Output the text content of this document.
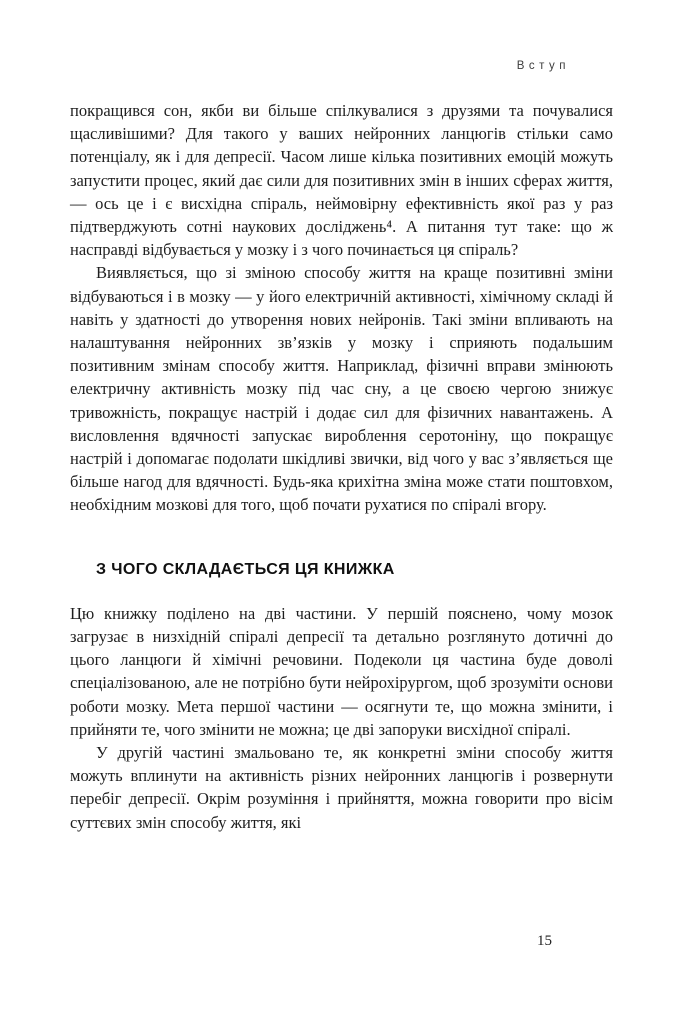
Вступ

покращився сон, якби ви більше спілкувалися з друзями та почувалися щасливішими? Для такого у ваших нейронних ланцюгів стільки само потенціалу, як і для депресії. Часом лише кілька позитивних емоцій можуть запустити процес, який дає сили для позитивних змін в інших сферах життя, — ось це і є висхідна спіраль, неймовірну ефективність якої раз у раз підтверджують сотні наукових досліджень⁴. А питання тут таке: що ж насправді відбувається у мозку і з чого починається ця спіраль?

Виявляється, що зі зміною способу життя на краще позитивні зміни відбуваються і в мозку — у його електричній активності, хімічному складі й навіть у здатності до утворення нових нейронів. Такі зміни впливають на налаштування нейронних зв’язків у мозку і сприяють подальшим позитивним змінам способу життя. Наприклад, фізичні вправи змінюють електричну активність мозку під час сну, а це своєю чергою знижує тривожність, покращує настрій і додає сил для фізичних навантажень. А висловлення вдячності запускає вироблення серотоніну, що покращує настрій і допомагає подолати шкідливі звички, від чого у вас з’являється ще більше нагод для вдячності. Будь-яка крихітна зміна може стати поштовхом, необхідним мозкові для того, щоб почати рухатися по спіралі вгору.

З ЧОГО СКЛАДАЄТЬСЯ ЦЯ КНИЖКА

Цю книжку поділено на дві частини. У першій пояснено, чому мозок загрузає в низхідній спіралі депресії та детально розглянуто дотичні до цього ланцюги й хімічні речовини. Подеколи ця частина буде доволі спеціалізованою, але не потрібно бути нейрохірургом, щоб зрозуміти основи роботи мозку. Мета першої частини — осягнути те, що можна змінити, і прийняти те, чого змінити не можна; це дві запоруки висхідної спіралі.

У другій частині змальовано те, як конкретні зміни способу життя можуть вплинути на активність різних нейронних ланцюгів і розвернути перебіг депресії. Окрім розуміння і прийняття, можна говорити про вісім суттєвих змін способу життя, які

15
